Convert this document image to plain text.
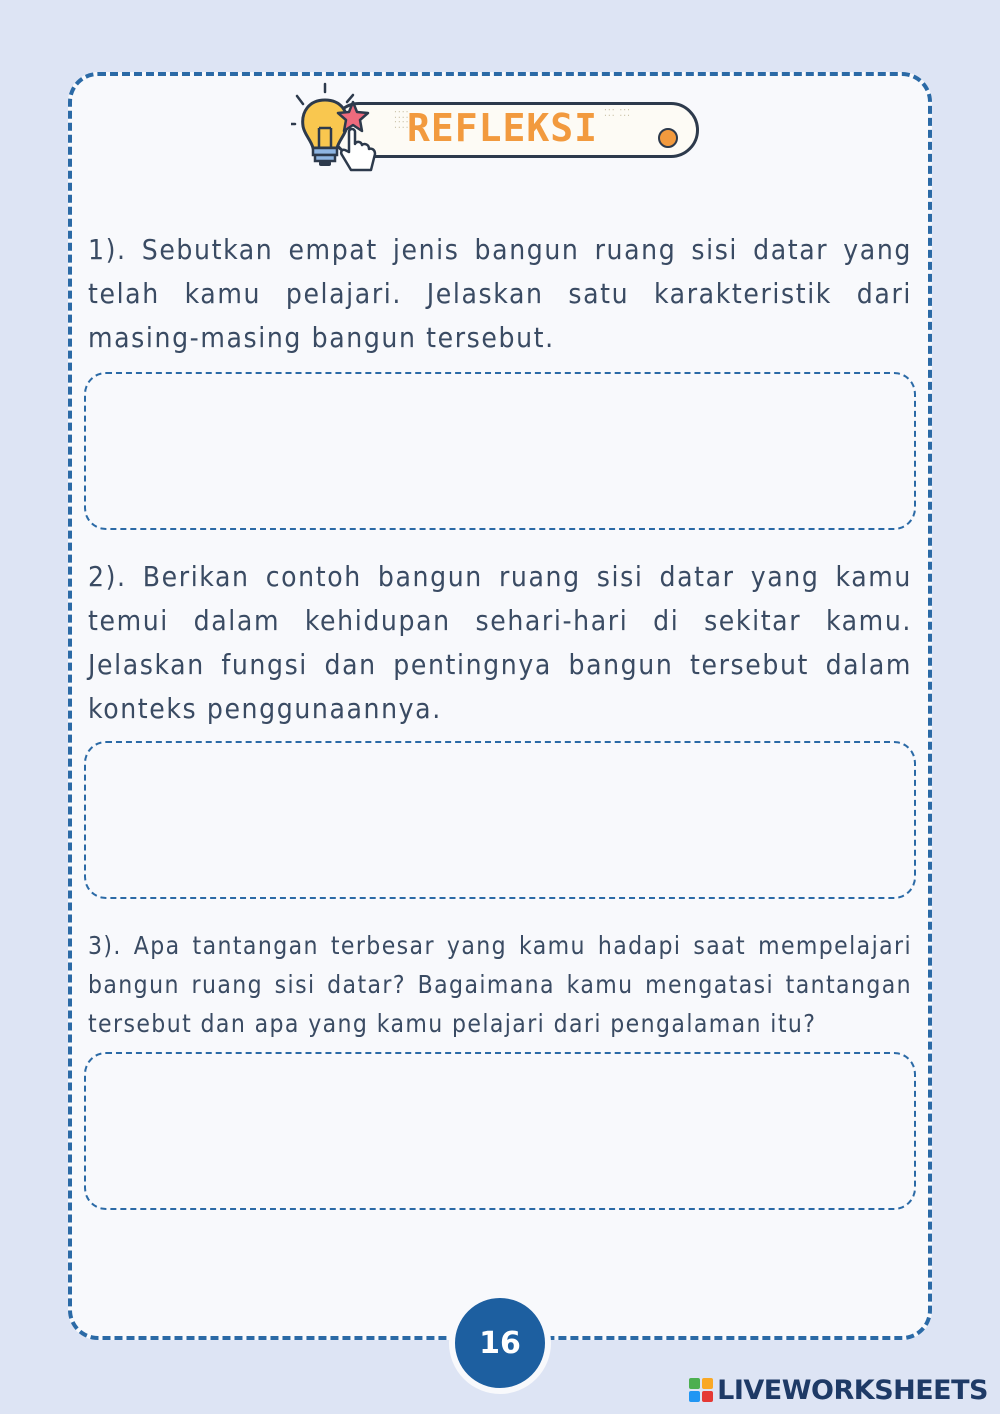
⁚⁚⁚⁚
⁚⁚⁚⁚
⁚⁚⁚ ⁚⁚⁚
REFLEKSI
1). Sebutkan empat jenis bangun ruang sisi datar yang telah kamu pelajari. Jelaskan satu karakteristik dari masing-masing bangun tersebut.
2). Berikan contoh bangun ruang sisi datar yang kamu temui dalam kehidupan sehari-hari di sekitar kamu. Jelaskan fungsi dan pentingnya bangun tersebut dalam konteks penggunaannya.
3). Apa tantangan terbesar yang kamu hadapi saat mempelajari bangun ruang sisi datar? Bagaimana kamu mengatasi tantangan tersebut dan apa yang kamu pelajari dari pengalaman itu?
16
LIVEWORKSHEETS
